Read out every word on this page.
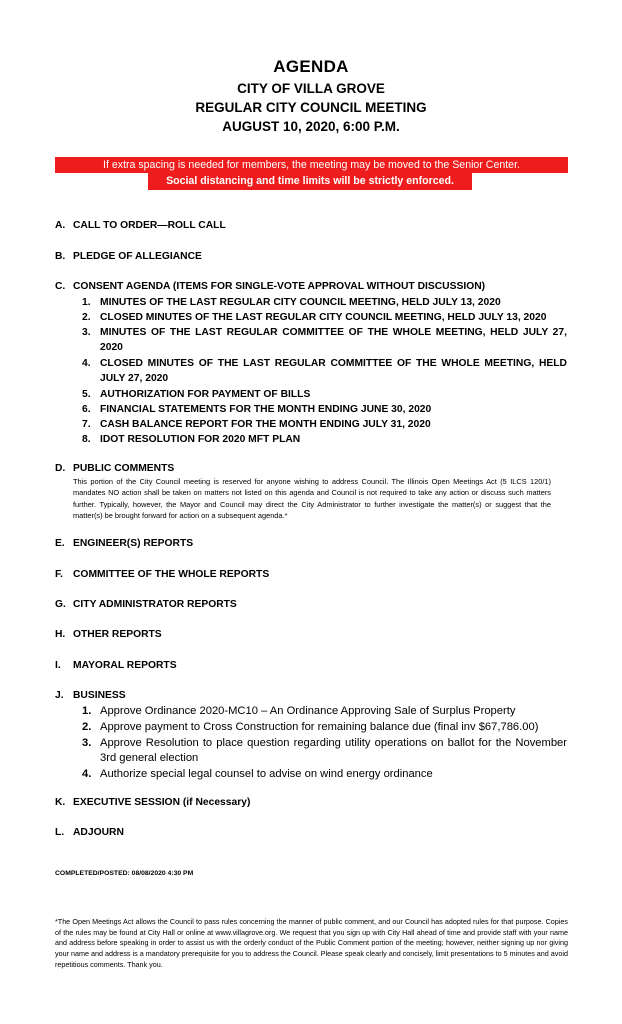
AGENDA
CITY OF VILLA GROVE
REGULAR CITY COUNCIL MEETING
AUGUST 10, 2020, 6:00 P.M.
If extra spacing is needed for members, the meeting may be moved to the Senior Center.
Social distancing and time limits will be strictly enforced.
A. CALL TO ORDER—ROLL CALL
B. PLEDGE OF ALLEGIANCE
C. CONSENT AGENDA (ITEMS FOR SINGLE-VOTE APPROVAL WITHOUT DISCUSSION)
1. MINUTES OF THE LAST REGULAR CITY COUNCIL MEETING, HELD JULY 13, 2020
2. CLOSED MINUTES OF THE LAST REGULAR CITY COUNCIL MEETING, HELD JULY 13, 2020
3. MINUTES OF THE LAST REGULAR COMMITTEE OF THE WHOLE MEETING, HELD JULY 27, 2020
4. CLOSED MINUTES OF THE LAST REGULAR COMMITTEE OF THE WHOLE MEETING, HELD JULY 27, 2020
5. AUTHORIZATION FOR PAYMENT OF BILLS
6. FINANCIAL STATEMENTS FOR THE MONTH ENDING JUNE 30, 2020
7. CASH BALANCE REPORT FOR THE MONTH ENDING JULY 31, 2020
8. IDOT RESOLUTION FOR 2020 MFT PLAN
D. PUBLIC COMMENTS
This portion of the City Council meeting is reserved for anyone wishing to address Council. The Illinois Open Meetings Act (5 ILCS 120/1) mandates NO action shall be taken on matters not listed on this agenda and Council is not required to take any action or discuss such matters further. Typically, however, the Mayor and Council may direct the City Administrator to further investigate the matter(s) or suggest that the matter(s) be brought forward for action on a subsequent agenda.*
E. ENGINEER(S) REPORTS
F. COMMITTEE OF THE WHOLE REPORTS
G. CITY ADMINISTRATOR REPORTS
H. OTHER REPORTS
I. MAYORAL REPORTS
J. BUSINESS
1. Approve Ordinance 2020-MC10 – An Ordinance Approving Sale of Surplus Property
2. Approve payment to Cross Construction for remaining balance due (final inv $67,786.00)
3. Approve Resolution to place question regarding utility operations on ballot for the November 3rd general election
4. Authorize special legal counsel to advise on wind energy ordinance
K. EXECUTIVE SESSION (if Necessary)
L. ADJOURN
COMPLETED/POSTED: 08/08/2020 4:30 PM
*The Open Meetings Act allows the Council to pass rules concerning the manner of public comment, and our Council has adopted rules for that purpose. Copies of the rules may be found at City Hall or online at www.villagrove.org. We request that you sign up with City Hall ahead of time and provide staff with your name and address before speaking in order to assist us with the orderly conduct of the Public Comment portion of the meeting; however, neither signing up nor giving your name and address is a mandatory prerequisite for you to address the Council. Please speak clearly and concisely, limit presentations to 5 minutes and avoid repetitious comments. Thank you.
